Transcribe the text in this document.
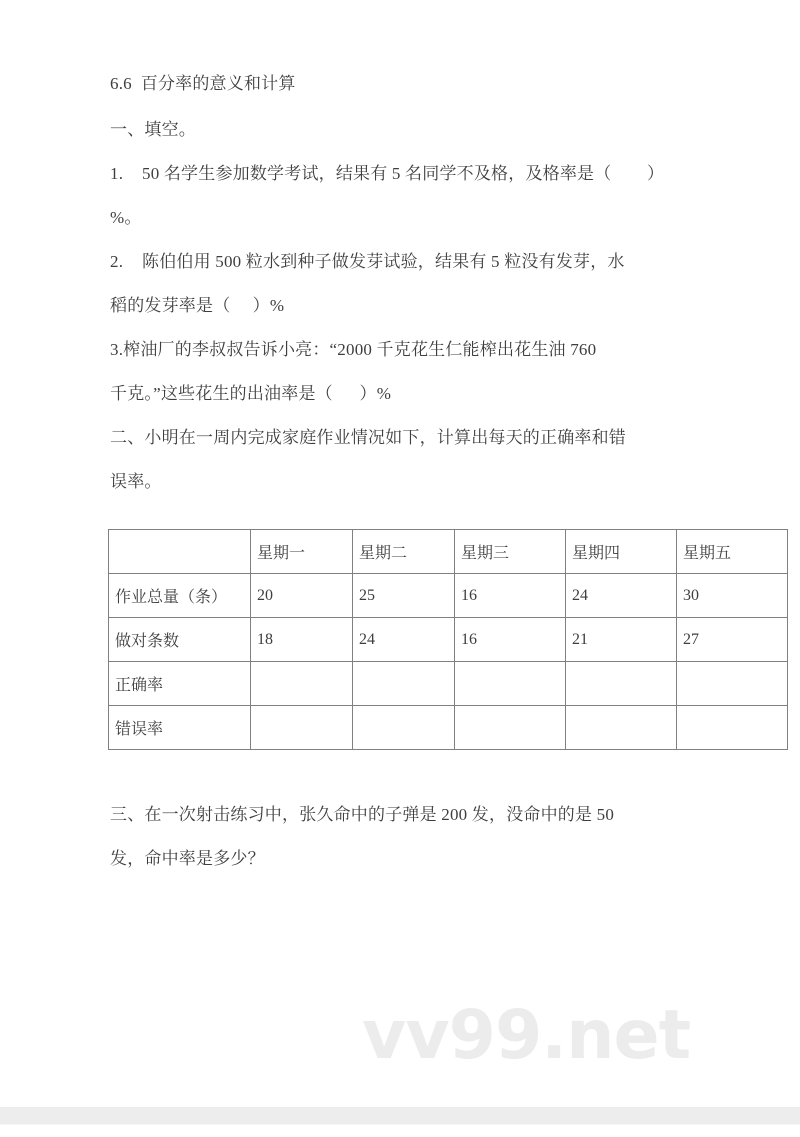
6.6  百分率的意义和计算
一、填空。
1. 50 名学生参加数学考试，结果有 5 名同学不及格，及格率是（        ）
%。
2. 陈伯伯用 500 粒水到种子做发芽试验，结果有 5 粒没有发芽，水
稻的发芽率是（     ）%
3.榨油厂的李叔叔告诉小亮：“2000 千克花生仁能榨出花生油 760
千克。”这些花生的出油率是（      ）%
二、小明在一周内完成家庭作业情况如下，计算出每天的正确率和错
误率。
	星期一	星期二	星期三	星期四	星期五
作业总量（条）	20	25	16	24	30
做对条数	18	24	16	21	27
正确率					
错误率					
三、在一次射击练习中，张久命中的子弹是 200 发，没命中的是 50
发，命中率是多少？
vv99.net
